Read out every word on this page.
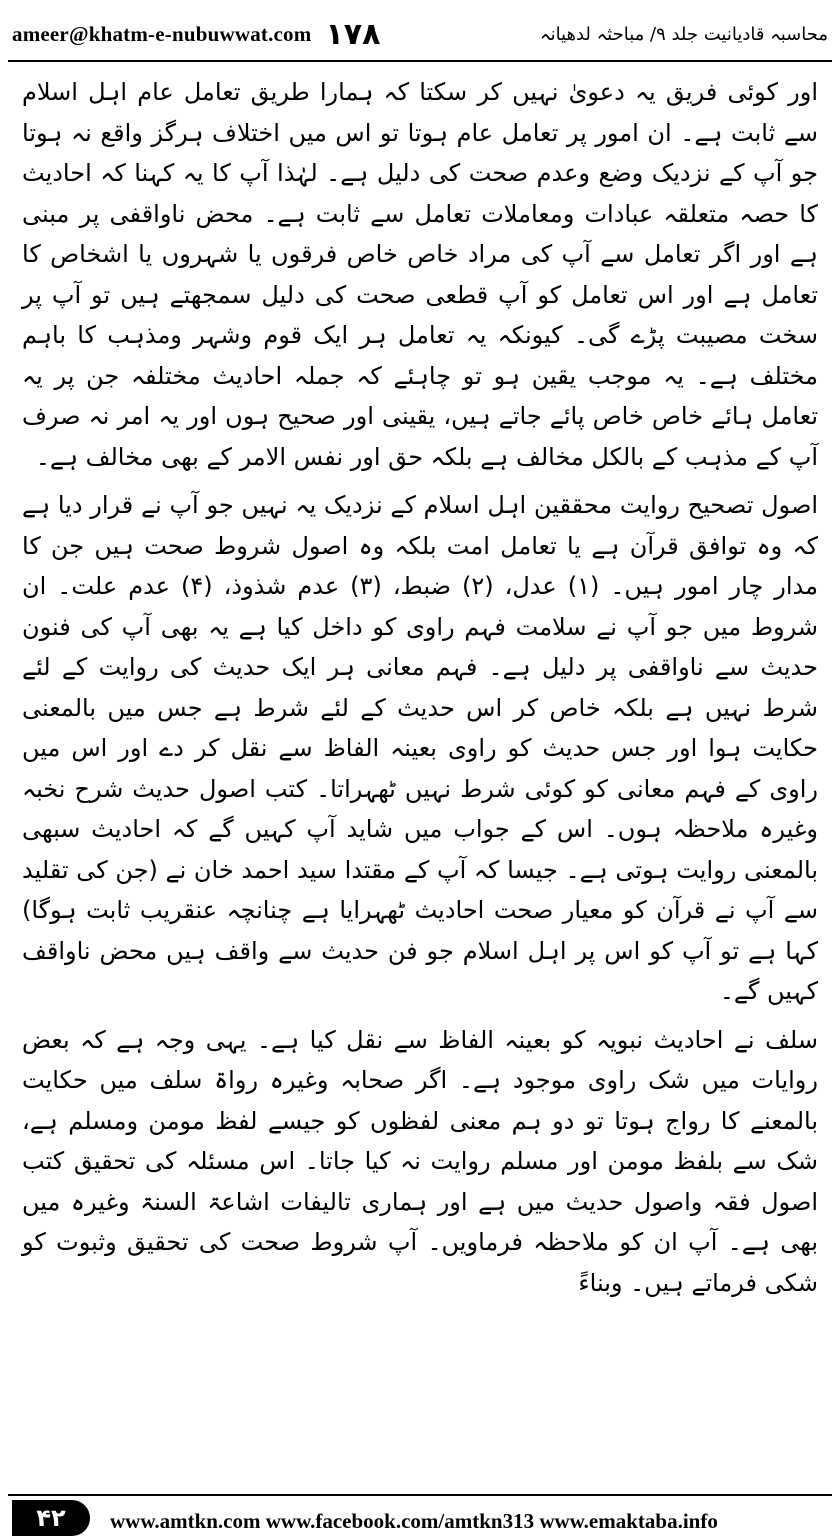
ameer@khatm-e-nubuwwat.com ۱۷۸	محاسبہ قادیانیت جلد ۹/ مباحثہ لدھیانہ

اور کوئی فریق یہ دعویٰ نہیں کر سکتا کہ ہمارا طریق تعامل عام اہل اسلام سے ثابت ہے۔ ان امور پر تعامل عام ہوتا تو اس میں اختلاف ہرگز واقع نہ ہوتا جو آپ کے نزدیک وضع وعدم صحت کی دلیل ہے۔ لہٰذا آپ کا یہ کہنا کہ احادیث کا حصہ متعلقہ عبادات ومعاملات تعامل سے ثابت ہے۔ محض ناواقفی پر مبنی ہے اور اگر تعامل سے آپ کی مراد خاص خاص فرقوں یا شہروں یا اشخاص کا تعامل ہے اور اس تعامل کو آپ قطعی صحت کی دلیل سمجھتے ہیں تو آپ پر سخت مصیبت پڑے گی۔ کیونکہ یہ تعامل ہر ایک قوم وشہر ومذہب کا باہم مختلف ہے۔ یہ موجب یقین ہو تو چاہئے کہ جملہ احادیث مختلفہ جن پر یہ تعامل ہائے خاص خاص پائے جاتے ہیں، یقینی اور صحیح ہوں اور یہ امر نہ صرف آپ کے مذہب کے بالکل مخالف ہے بلکہ حق اور نفس الامر کے بھی مخالف ہے۔

اصول تصحیح روایت محققین اہل اسلام کے نزدیک یہ نہیں جو آپ نے قرار دیا ہے کہ وہ توافق قرآن ہے یا تعامل امت بلکہ وہ اصول شروط صحت ہیں جن کا مدار چار امور ہیں۔ (۱) عدل، (۲) ضبط، (۳) عدم شذوذ، (۴) عدم علت۔ ان شروط میں جو آپ نے سلامت فہم راوی کو داخل کیا ہے یہ بھی آپ کی فنون حدیث سے ناواقفی پر دلیل ہے۔ فہم معانی ہر ایک حدیث کی روایت کے لئے شرط نہیں ہے بلکہ خاص کر اس حدیث کے لئے شرط ہے جس میں بالمعنی حکایت ہوا اور جس حدیث کو راوی بعینہ الفاظ سے نقل کر دے اور اس میں راوی کے فہم معانی کو کوئی شرط نہیں ٹھہراتا۔ کتب اصول حدیث شرح نخبہ وغیرہ ملاحظہ ہوں۔ اس کے جواب میں شاید آپ کہیں گے کہ احادیث سبھی بالمعنی روایت ہوتی ہے۔ جیسا کہ آپ کے مقتدا سید احمد خان نے (جن کی تقلید سے آپ نے قرآن کو معیار صحت احادیث ٹھہرایا ہے چنانچہ عنقریب ثابت ہوگا) کہا ہے تو آپ کو اس پر اہل اسلام جو فن حدیث سے واقف ہیں محض ناواقف کہیں گے۔

سلف نے احادیث نبویہ کو بعینہ الفاظ سے نقل کیا ہے۔ یہی وجہ ہے کہ بعض روایات میں شک راوی موجود ہے۔ اگر صحابہ وغیرہ رواۃ سلف میں حکایت بالمعنے کا رواج ہوتا تو دو ہم معنی لفظوں کو جیسے لفظ مومن ومسلم ہے، شک سے بلفظ مومن اور مسلم روایت نہ کیا جاتا۔ اس مسئلہ کی تحقیق کتب اصول فقہ واصول حدیث میں ہے اور ہماری تالیفات اشاعۃ السنۃ وغیرہ میں بھی ہے۔ آپ ان کو ملاحظہ فرماویں۔ آپ شروط صحت کی تحقیق وثبوت کو شکی فرماتے ہیں۔ وبناءً

۴۲	www.amtkn.com www.facebook.com/amtkn313 www.emaktaba.info
